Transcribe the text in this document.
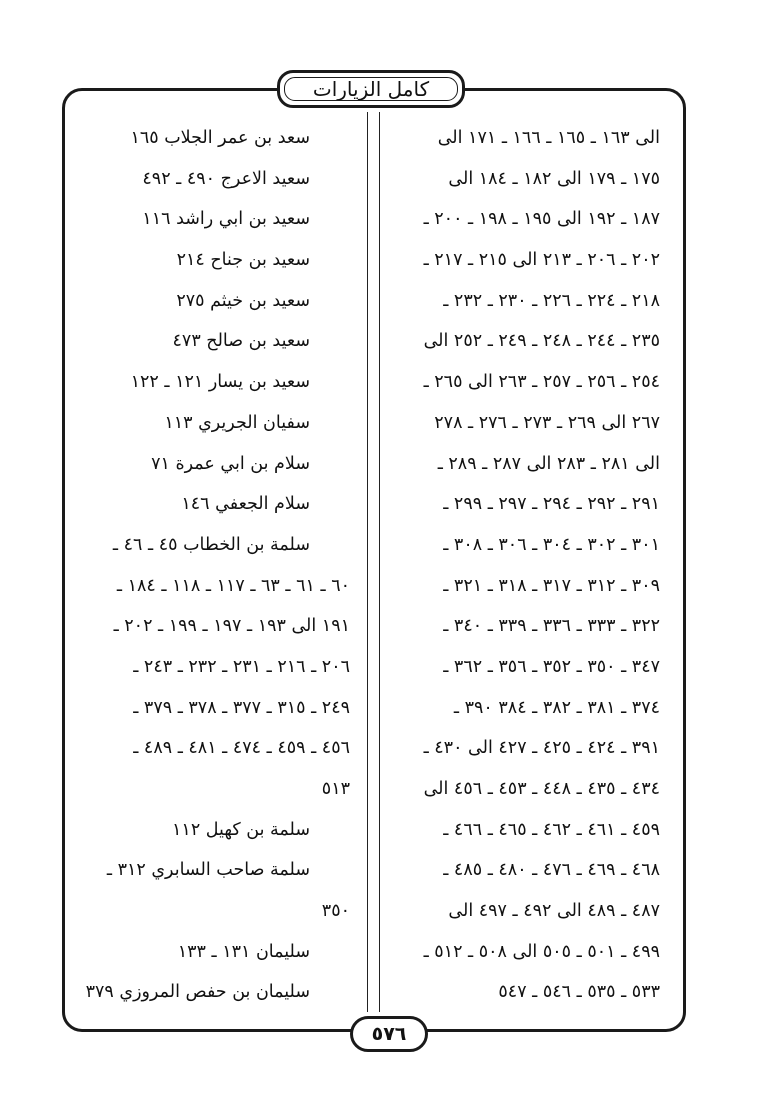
كامل الزيارات
الى ١٦٣ ـ ١٦٥ ـ ١٦٦ ـ ١٧١ الى
١٧٥ ـ ١٧٩ الى ١٨٢ ـ ١٨٤ الى
١٨٧ ـ ١٩٢ الى ١٩٥ ـ ١٩٨ ـ ٢٠٠ ـ
٢٠٢ ـ ٢٠٦ ـ ٢١٣ الى ٢١٥ ـ ٢١٧ ـ
٢١٨ ـ ٢٢٤ ـ ٢٢٦ ـ ٢٣٠ ـ ٢٣٢ ـ
٢٣٥ ـ ٢٤٤ ـ ٢٤٨ ـ ٢٤٩ ـ ٢٥٢ الى
٢٥٤ ـ ٢٥٦ ـ ٢٥٧ ـ ٢٦٣ الى ٢٦٥ ـ
٢٦٧ الى ٢٦٩ ـ ٢٧٣ ـ ٢٧٦ ـ ٢٧٨
الى ٢٨١ ـ ٢٨٣ الى ٢٨٧ ـ ٢٨٩ ـ
٢٩١ ـ ٢٩٢ ـ ٢٩٤ ـ ٢٩٧ ـ ٢٩٩ ـ
٣٠١ ـ ٣٠٢ ـ ٣٠٤ ـ ٣٠٦ ـ ٣٠٨ ـ
٣٠٩ ـ ٣١٢ ـ ٣١٧ ـ ٣١٨ ـ ٣٢١ ـ
٣٢٢ ـ ٣٣٣ ـ ٣٣٦ ـ ٣٣٩ ـ ٣٤٠ ـ
٣٤٧ ـ ٣٥٠ ـ ٣٥٢ ـ ٣٥٦ ـ ٣٦٢ ـ
٣٧٤ ـ ٣٨١ ـ ٣٨٢ ـ ٣٨٤ ٣٩٠ ـ
٣٩١ ـ ٤٢٤ ـ ٤٢٥ ـ ٤٢٧ الى ٤٣٠ ـ
٤٣٤ ـ ٤٣٥ ـ ٤٤٨ ـ ٤٥٣ ـ ٤٥٦ الى
٤٥٩ ـ ٤٦١ ـ ٤٦٢ ـ ٤٦٥ ـ ٤٦٦ ـ
٤٦٨ ـ ٤٦٩ ـ ٤٧٦ ـ ٤٨٠ ـ ٤٨٥ ـ
٤٨٧ ـ ٤٨٩ الى ٤٩٢ ـ ٤٩٧ الى
٤٩٩ ـ ٥٠١ ـ ٥٠٥ الى ٥٠٨ ـ ٥١٢ ـ
٥٣٣ ـ ٥٣٥ ـ ٥٤٦ ـ ٥٤٧
سعد بن عمر الجلاب ١٦٥
سعيد الاعرج ٤٩٠ ـ ٤٩٢
سعيد بن ابي راشد ١١٦
سعيد بن جناح ٢١٤
سعيد بن خيثم ٢٧٥
سعيد بن صالح ٤٧٣
سعيد بن يسار ١٢١ ـ ١٢٢
سفيان الجريري ١١٣
سلام بن ابي عمرة ٧١
سلام الجعفي ١٤٦
سلمة بن الخطاب ٤٥ ـ ٤٦ ـ
٦٠ ـ ٦١ ـ ٦٣ ـ ١١٧ ـ ١١٨ ـ ١٨٤ ـ
١٩١ الى ١٩٣ ـ ١٩٧ ـ ١٩٩ ـ ٢٠٢ ـ
٢٠٦ ـ ٢١٦ ـ ٢٣١ ـ ٢٣٢ ـ ٢٤٣ ـ
٢٤٩ ـ ٣١٥ ـ ٣٧٧ ـ ٣٧٨ ـ ٣٧٩ ـ
٤٥٦ ـ ٤٥٩ ـ ٤٧٤ ـ ٤٨١ ـ ٤٨٩ ـ
٥١٣
سلمة بن كهيل ١١٢
سلمة صاحب السابري ٣١٢ ـ
٣٥٠
سليمان ١٣١ ـ ١٣٣
سليمان بن حفص المروزي ٣٧٩
٥٧٦
